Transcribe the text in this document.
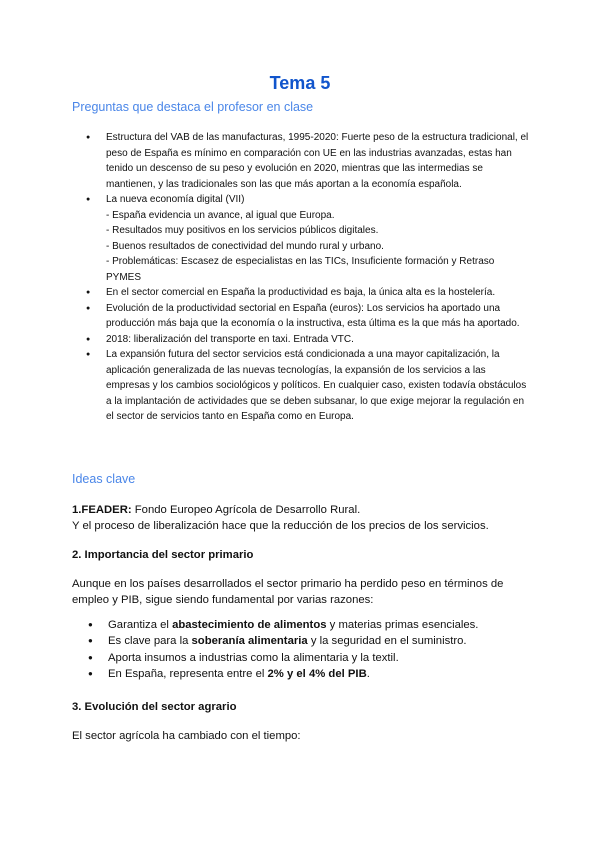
Tema 5

Preguntas que destaca el profesor en clase

● Estructura del VAB de las manufacturas, 1995-2020: Fuerte peso de la estructura tradicional, el peso de España es mínimo en comparación con UE en las industrias avanzadas, estas han tenido un descenso de su peso y evolución en 2020, mientras que las intermedias se mantienen, y las tradicionales son las que más aportan a la economía española.
● La nueva economía digital (VII)
- España evidencia un avance, al igual que Europa.
- Resultados muy positivos en los servicios públicos digitales.
- Buenos resultados de conectividad del mundo rural y urbano.
- Problemáticas: Escasez de especialistas en las TICs, Insuficiente formación y Retraso PYMES
● En el sector comercial en España la productividad es baja, la única alta es la hostelería.
● Evolución de la productividad sectorial en España (euros): Los servicios ha aportado una producción más baja que la economía o la instructiva, esta última es la que más ha aportado.
● 2018: liberalización del transporte en taxi. Entrada VTC.
● La expansión futura del sector servicios está condicionada a una mayor capitalización, la aplicación generalizada de las nuevas tecnologías, la expansión de los servicios a las empresas y los cambios sociológicos y políticos. En cualquier caso, existen todavía obstáculos a la implantación de actividades que se deben subsanar, lo que exige mejorar la regulación en el sector de servicios tanto en España como en Europa.

Ideas clave

1.FEADER: Fondo Europeo Agrícola de Desarrollo Rural.
Y el proceso de liberalización hace que la reducción de los precios de los servicios.

2. Importancia del sector primario

Aunque en los países desarrollados el sector primario ha perdido peso en términos de empleo y PIB, sigue siendo fundamental por varias razones:

● Garantiza el abastecimiento de alimentos y materias primas esenciales.
● Es clave para la soberanía alimentaria y la seguridad en el suministro.
● Aporta insumos a industrias como la alimentaria y la textil.
● En España, representa entre el 2% y el 4% del PIB.

3. Evolución del sector agrario

El sector agrícola ha cambiado con el tiempo:
